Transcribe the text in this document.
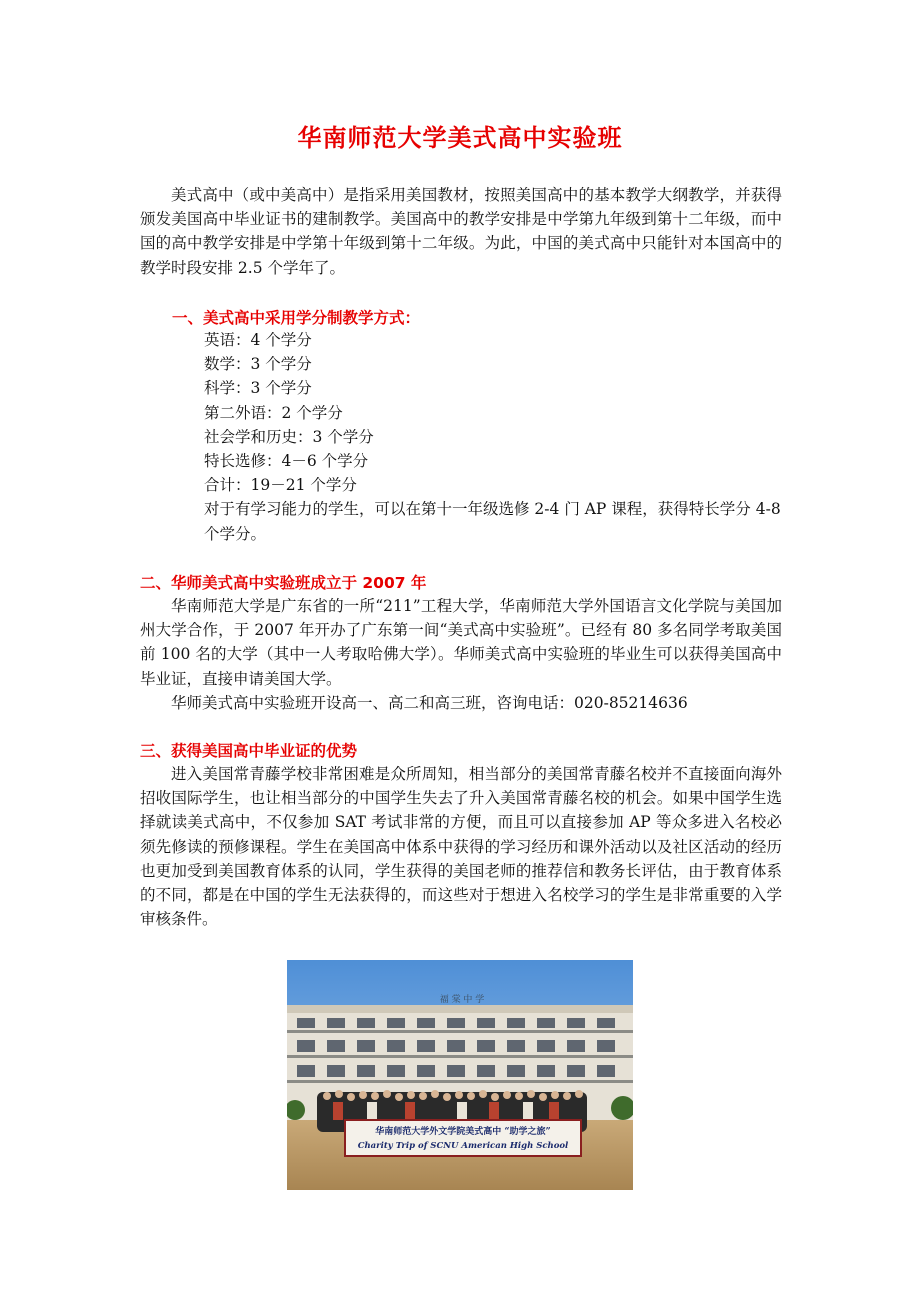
华南师范大学美式高中实验班
美式高中（或中美高中）是指采用美国教材，按照美国高中的基本教学大纲教学，并获得颁发美国高中毕业证书的建制教学。美国高中的教学安排是中学第九年级到第十二年级，而中国的高中教学安排是中学第十年级到第十二年级。为此，中国的美式高中只能针对本国高中的教学时段安排 2.5 个学年了。
一、美式高中采用学分制教学方式：
英语：4 个学分
数学：3 个学分
科学：3 个学分
第二外语：2 个学分
社会学和历史：3 个学分
特长选修：4－6 个学分
合计：19－21 个学分
对于有学习能力的学生，可以在第十一年级选修 2-4 门 AP 课程，获得特长学分 4-8 个学分。
二、华师美式高中实验班成立于 2007 年
华南师范大学是广东省的一所“211”工程大学，华南师范大学外国语言文化学院与美国加州大学合作，于 2007 年开办了广东第一间“美式高中实验班”。已经有 80 多名同学考取美国前 100 名的大学（其中一人考取哈佛大学）。华师美式高中实验班的毕业生可以获得美国高中毕业证，直接申请美国大学。
华师美式高中实验班开设高一、高二和高三班，咨询电话：020-85214636
三、获得美国高中毕业证的优势
进入美国常青藤学校非常困难是众所周知，相当部分的美国常青藤名校并不直接面向海外招收国际学生，也让相当部分的中国学生失去了升入美国常青藤名校的机会。如果中国学生选择就读美式高中，不仅参加 SAT 考试非常的方便，而且可以直接参加 AP 等众多进入名校必须先修读的预修课程。学生在美国高中体系中获得的学习经历和课外活动以及社区活动的经历也更加受到美国教育体系的认同，学生获得的美国老师的推荐信和教务长评估，由于教育体系的不同，都是在中国的学生无法获得的，而这些对于想进入名校学习的学生是非常重要的入学审核条件。
福 棠 中 学
华南师范大学外文学院美式高中 “助学之旅”
Charity Trip of SCNU American High School
